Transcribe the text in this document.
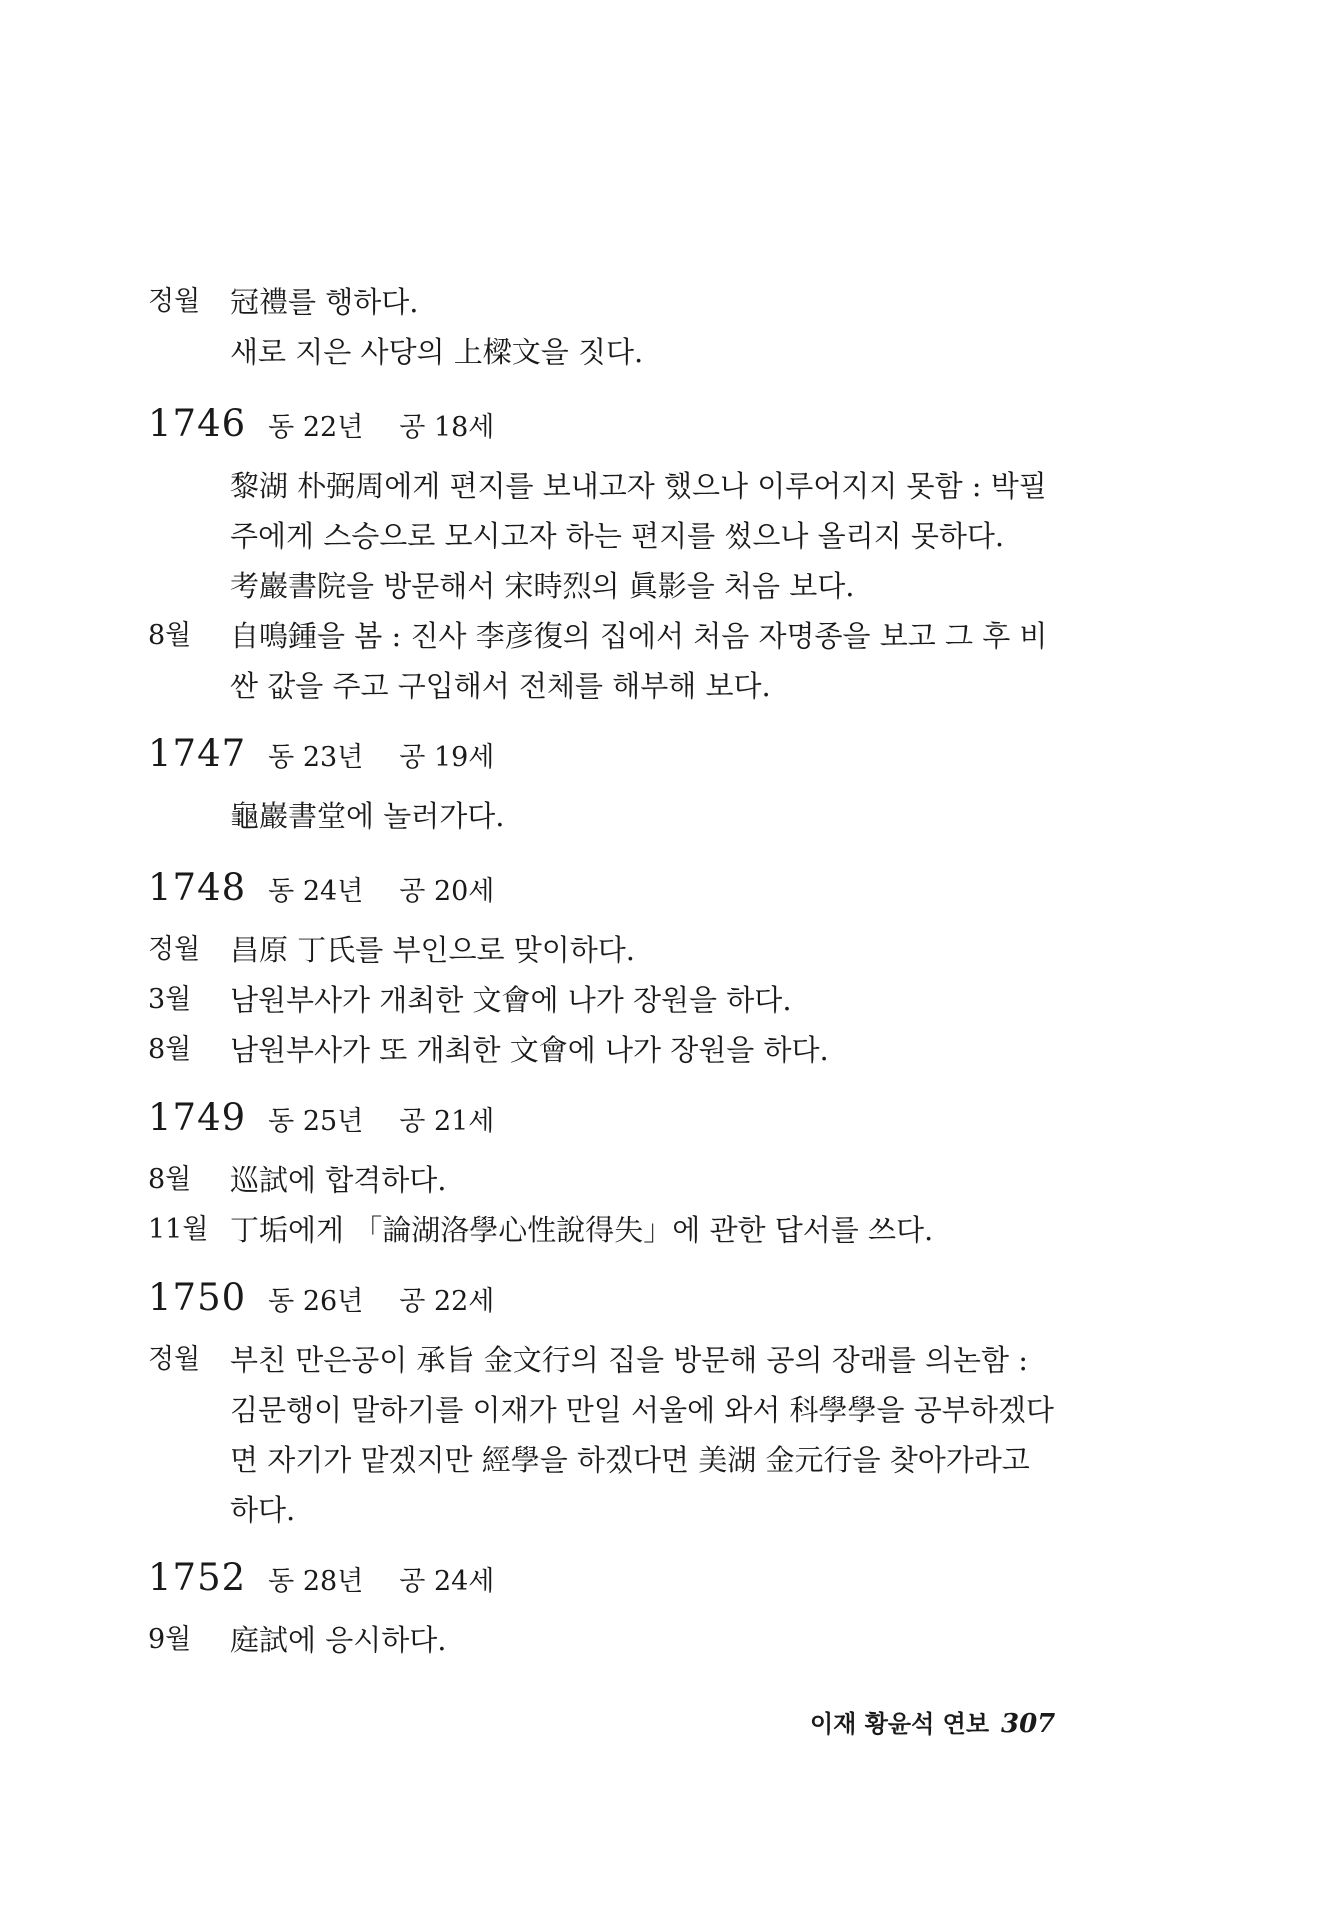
정월 冠禮를 행하다.
새로 지은 사당의 上樑文을 짓다.
1746 동 22년 공 18세
黎湖 朴弼周에게 편지를 보내고자 했으나 이루어지지 못함 : 박필
주에게 스승으로 모시고자 하는 편지를 썼으나 올리지 못하다.
考巖書院을 방문해서 宋時烈의 眞影을 처음 보다.
8월 自鳴鍾을 봄 : 진사 李彦復의 집에서 처음 자명종을 보고 그 후 비
싼 값을 주고 구입해서 전체를 해부해 보다.
1747 동 23년 공 19세
龜巖書堂에 놀러가다.
1748 동 24년 공 20세
정월 昌原 丁氏를 부인으로 맞이하다.
3월 남원부사가 개최한 文會에 나가 장원을 하다.
8월 남원부사가 또 개최한 文會에 나가 장원을 하다.
1749 동 25년 공 21세
8월 巡試에 합격하다.
11월 丁垢에게 「論湖洛學心性說得失」에 관한 답서를 쓰다.
1750 동 26년 공 22세
정월 부친 만은공이 承旨 金文行의 집을 방문해 공의 장래를 의논함 :
김문행이 말하기를 이재가 만일 서울에 와서 科學學을 공부하겠다
면 자기가 맡겠지만 經學을 하겠다면 美湖 金元行을 찾아가라고
하다.
1752 동 28년 공 24세
9월 庭試에 응시하다.
이재 황윤석 연보 307
